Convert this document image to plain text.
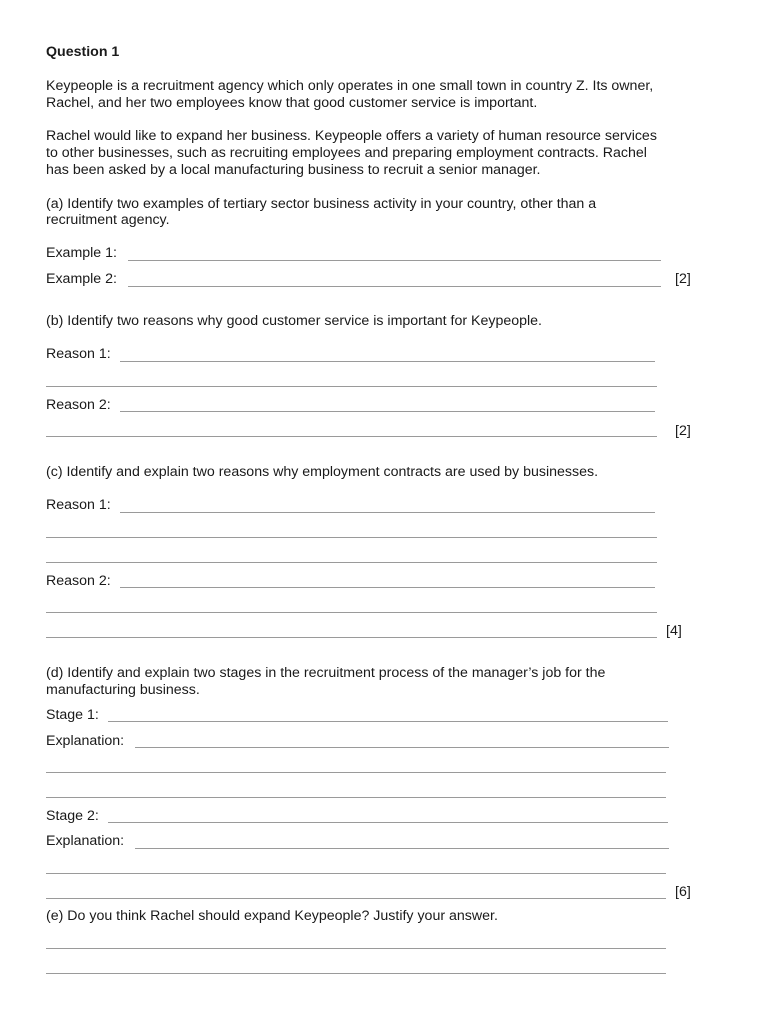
Question 1
Keypeople is a recruitment agency which only operates in one small town in country Z. Its owner,
Rachel, and her two employees know that good customer service is important.
Rachel would like to expand her business. Keypeople offers a variety of human resource services
to other businesses, such as recruiting employees and preparing employment contracts. Rachel
has been asked by a local manufacturing business to recruit a senior manager.
(a) Identify two examples of tertiary sector business activity in your country, other than a
recruitment agency.
Example 1:
Example 2:	[2]
(b) Identify two reasons why good customer service is important for Keypeople.
Reason 1:
Reason 2:
[2]
(c) Identify and explain two reasons why employment contracts are used by businesses.
Reason 1:
Reason 2:
[4]
(d) Identify and explain two stages in the recruitment process of the manager’s job for the
manufacturing business.
Stage 1:
Explanation:
Stage 2:
Explanation:
[6]
(e) Do you think Rachel should expand Keypeople? Justify your answer.
